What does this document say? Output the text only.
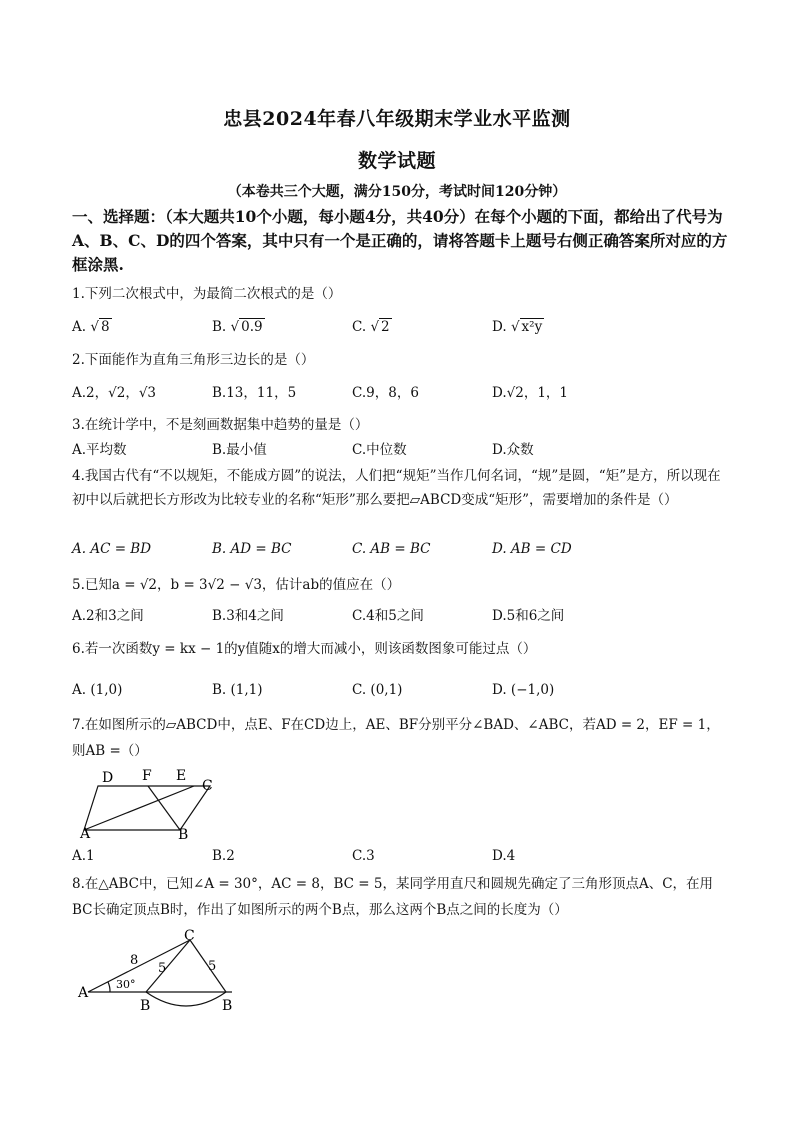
忠县2024年春八年级期末学业水平监测
数学试题
（本卷共三个大题，满分150分，考试时间120分钟）
一、选择题：（本大题共10个小题，每小题4分，共40分）在每个小题的下面，都给出了代号为A、B、C、D的四个答案，其中只有一个是正确的，请将答题卡上题号右侧正确答案所对应的方框涂黑.
1.下列二次根式中，为最简二次根式的是（）
A. √ 8	B. √ 0.9	C. √ 2	D. √ x²y
2.下面能作为直角三角形三边长的是（）
A.2，√2，√3	B.13，11，5	C.9，8，6	D.√2，1，1
3.在统计学中，不是刻画数据集中趋势的量是（）
A.平均数	B.最小值	C.中位数	D.众数
4.我国古代有“不以规矩，不能成方圆”的说法，人们把“规矩”当作几何名词，“规”是圆，“矩”是方，所以现在初中以后就把长方形改为比较专业的名称“矩形”那么要把▱ABCD变成“矩形”，需要增加的条件是（）
A. AC = BD	B. AD = BC	C. AB = BC	D. AB = CD
5.已知a = √2，b = 3√2 − √3，估计ab的值应在（）
A.2和3之间	B.3和4之间	C.4和5之间	D.5和6之间
6.若一次函数y = kx − 1的y值随x的增大而减小，则该函数图象可能过点（）
A. (1,0)	B. (1,1)	C. (0,1)	D. (−1,0)
7.在如图所示的▱ABCD中，点E、F在CD边上，AE、BF分别平分∠BAD、∠ABC，若AD = 2，EF = 1，则AB =（）
D F E
C
A	B
A.1	B.2	C.3	D.4
8.在△ABC中，已知∠A = 30°，AC = 8，BC = 5，某同学用直尺和圆规先确定了三角形顶点A、C，在用BC长确定顶点B时，作出了如图所示的两个B点，那么这两个B点之间的长度为（）
C
A
B	B
8
5	5
30°
